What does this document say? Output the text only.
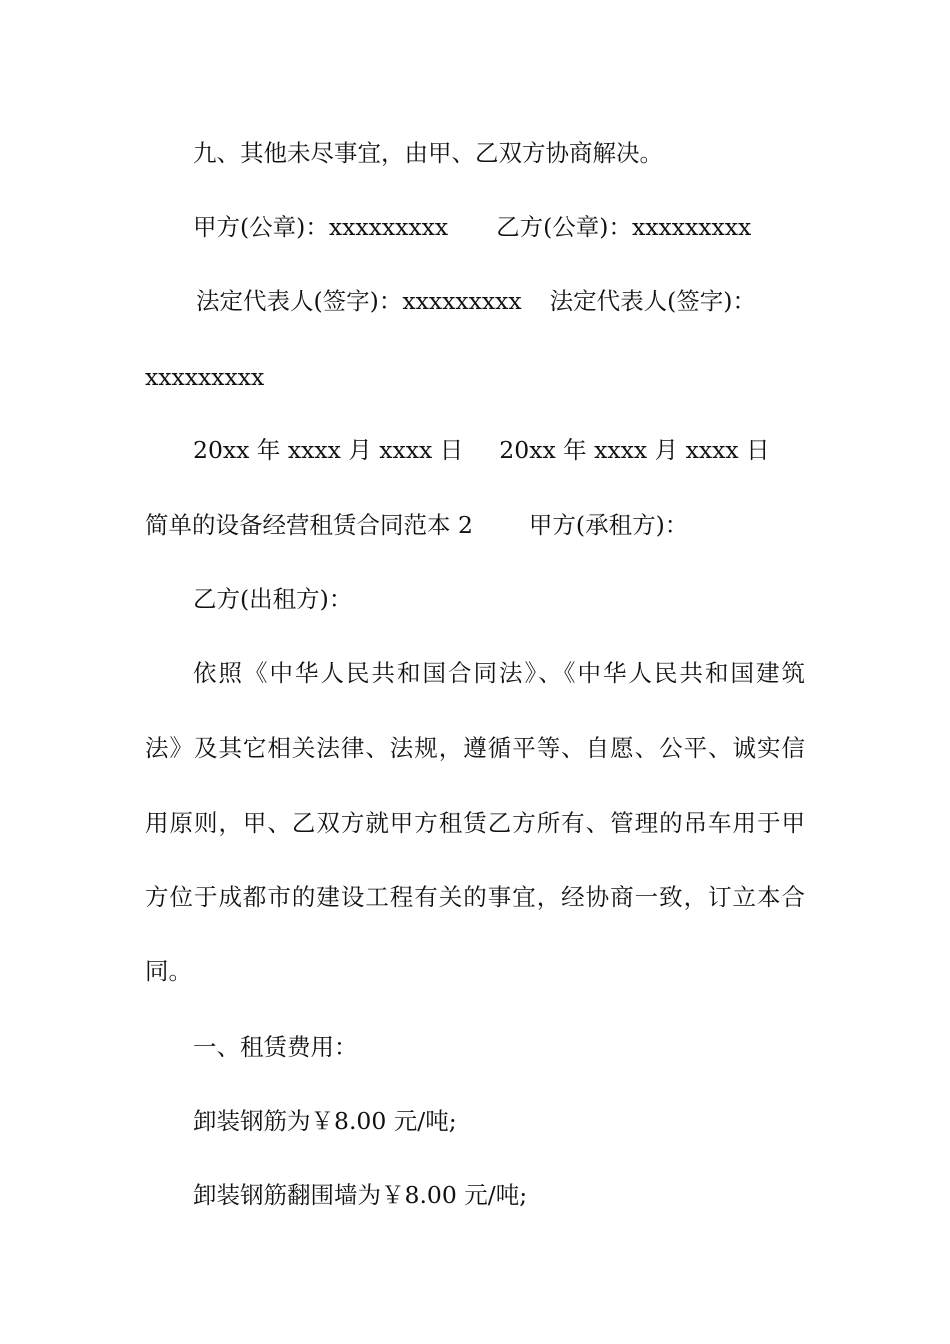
九、其他未尽事宜，由甲、乙双方协商解决。
甲方(公章)：xxxxxxxxx 乙方(公章)：xxxxxxxxx
法定代表人(签字)：xxxxxxxxx 法定代表人(签字)：
xxxxxxxxx
20xx 年 xxxx 月 xxxx 日 20xx 年 xxxx 月 xxxx 日
简单的设备经营租赁合同范本 2 甲方(承租方)：
乙方(出租方)：
依照《中华人民共和国合同法》、《中华人民共和国建筑
法》及其它相关法律、法规，遵循平等、自愿、公平、诚实信
用原则，甲、乙双方就甲方租赁乙方所有、管理的吊车用于甲
方位于成都市的建设工程有关的事宜，经协商一致，订立本合
同。
一、租赁费用：
卸装钢筋为￥8.00 元/吨;
卸装钢筋翻围墙为￥8.00 元/吨;
